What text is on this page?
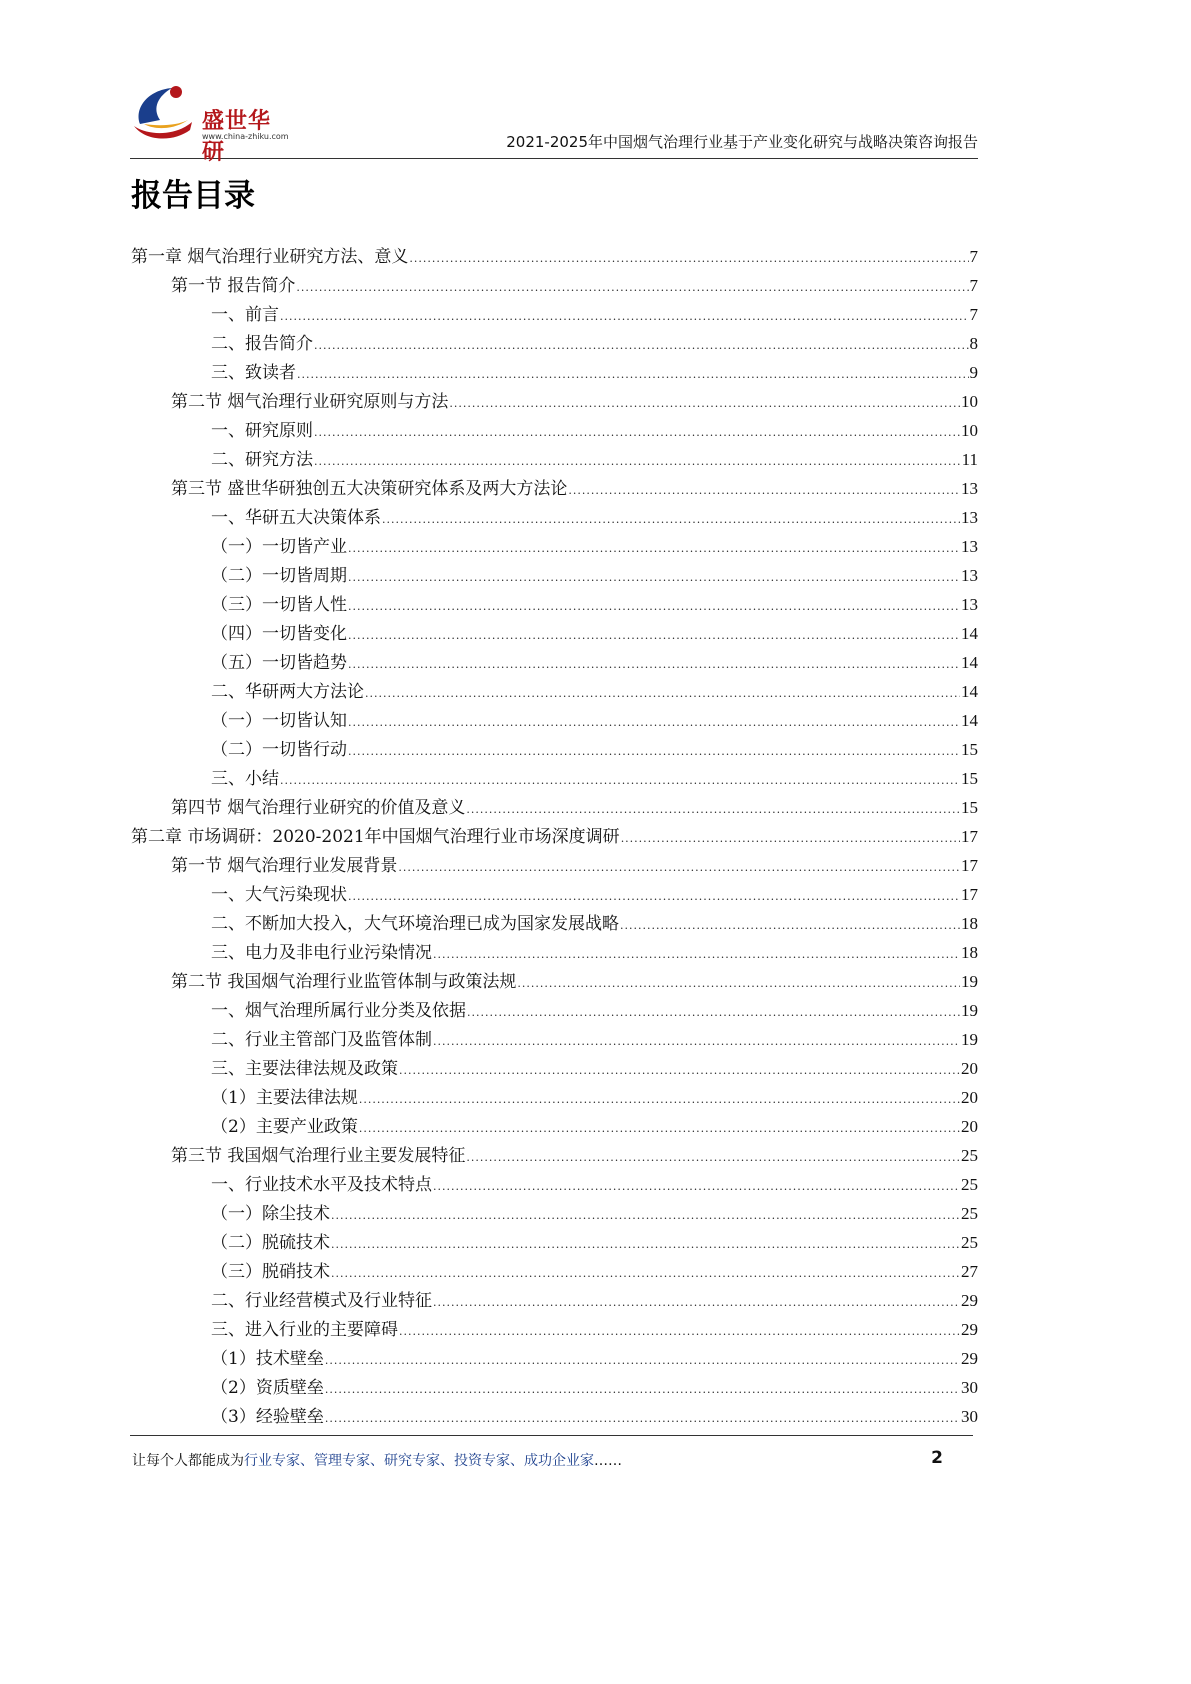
盛世华研
www.china-zhiku.com	2021-2025年中国烟气治理行业基于产业变化研究与战略决策咨询报告
报告目录
第一章 烟气治理行业研究方法、意义 .....	7
第一节 报告简介 .....	7
一、前言 .....	7
二、报告简介 .....	8
三、致读者 .....	9
第二节 烟气治理行业研究原则与方法 .....	10
一、研究原则 .....	10
二、研究方法 .....	11
第三节 盛世华研独创五大决策研究体系及两大方法论 .....	13
一、华研五大决策体系 .....	13
（一）一切皆产业 .....	13
（二）一切皆周期 .....	13
（三）一切皆人性 .....	13
（四）一切皆变化 .....	14
（五）一切皆趋势 .....	14
二、华研两大方法论 .....	14
（一）一切皆认知 .....	14
（二）一切皆行动 .....	15
三、小结 .....	15
第四节 烟气治理行业研究的价值及意义 .....	15
第二章 市场调研：2020-2021年中国烟气治理行业市场深度调研 .....	17
第一节 烟气治理行业发展背景 .....	17
一、大气污染现状 .....	17
二、不断加大投入，大气环境治理已成为国家发展战略 .....	18
三、电力及非电行业污染情况 .....	18
第二节 我国烟气治理行业监管体制与政策法规 .....	19
一、烟气治理所属行业分类及依据 .....	19
二、行业主管部门及监管体制 .....	19
三、主要法律法规及政策 .....	20
（1）主要法律法规 .....	20
（2）主要产业政策 .....	20
第三节 我国烟气治理行业主要发展特征 .....	25
一、行业技术水平及技术特点 .....	25
（一）除尘技术 .....	25
（二）脱硫技术 .....	25
（三）脱硝技术 .....	27
二、行业经营模式及行业特征 .....	29
三、进入行业的主要障碍 .....	29
（1）技术壁垒 .....	29
（2）资质壁垒 .....	30
（3）经验壁垒 .....	30
让每个人都能成为行业专家、管理专家、研究专家、投资专家、成功企业家……	2
